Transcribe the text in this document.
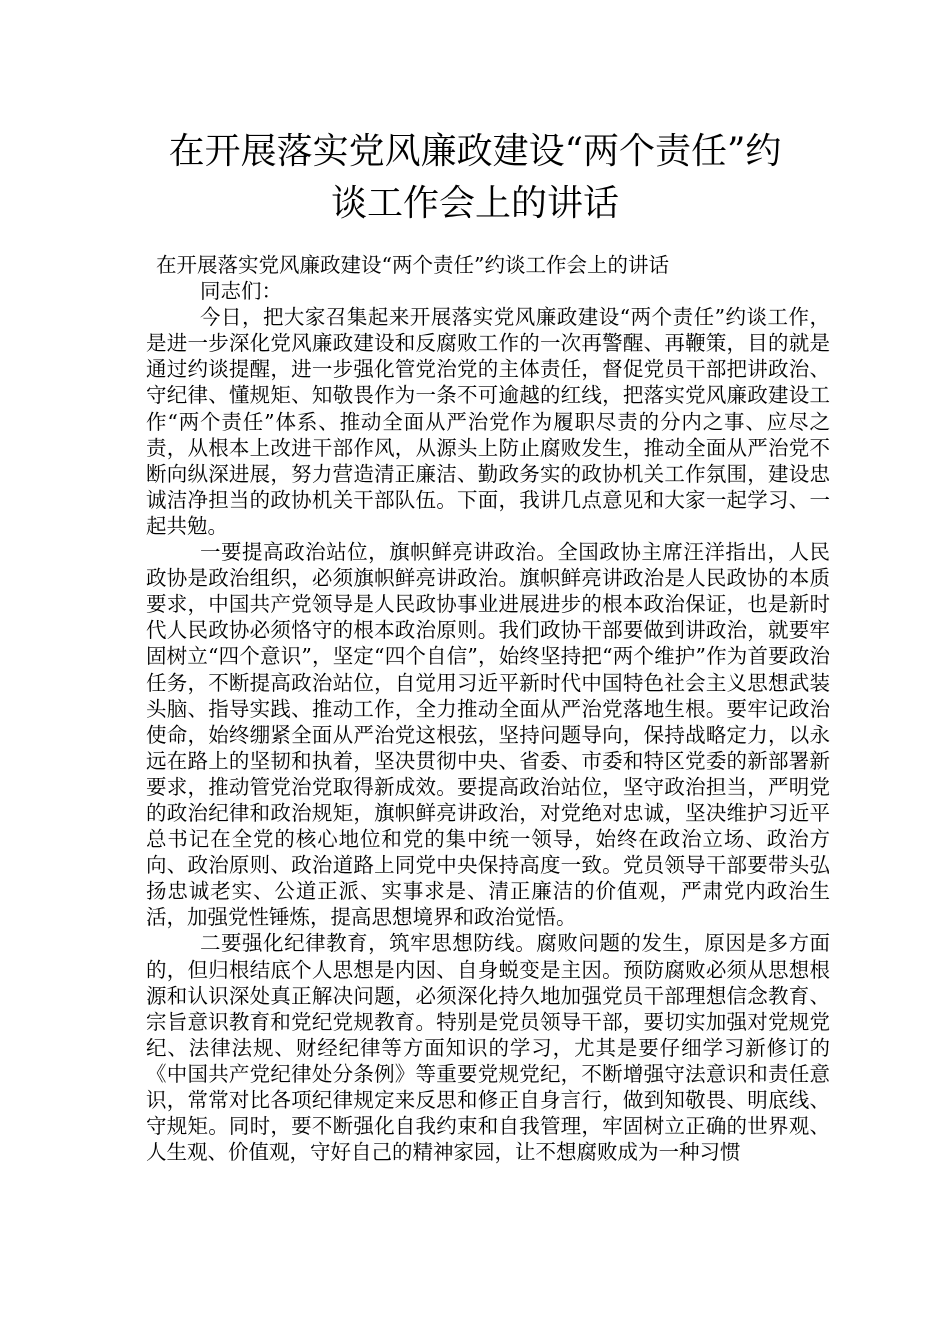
在开展落实党风廉政建设“两个责任”约
谈工作会上的讲话

在开展落实党风廉政建设“两个责任”约谈工作会上的讲话

同志们：

今日，把大家召集起来开展落实党风廉政建设“两个责任”约谈工作，是进一步深化党风廉政建设和反腐败工作的一次再警醒、再鞭策，目的就是通过约谈提醒，进一步强化管党治党的主体责任，督促党员干部把讲政治、守纪律、懂规矩、知敬畏作为一条不可逾越的红线，把落实党风廉政建设工作“两个责任”体系、推动全面从严治党作为履职尽责的分内之事、应尽之责，从根本上改进干部作风，从源头上防止腐败发生，推动全面从严治党不断向纵深进展，努力营造清正廉洁、勤政务实的政协机关工作氛围，建设忠诚洁净担当的政协机关干部队伍。下面，我讲几点意见和大家一起学习、一起共勉。

一要提高政治站位，旗帜鲜亮讲政治。全国政协主席汪洋指出，人民政协是政治组织，必须旗帜鲜亮讲政治。旗帜鲜亮讲政治是人民政协的本质要求，中国共产党领导是人民政协事业进展进步的根本政治保证，也是新时代人民政协必须恪守的根本政治原则。我们政协干部要做到讲政治，就要牢固树立“四个意识”，坚定“四个自信”，始终坚持把“两个维护”作为首要政治任务，不断提高政治站位，自觉用习近平新时代中国特色社会主义思想武装头脑、指导实践、推动工作，全力推动全面从严治党落地生根。要牢记政治使命，始终绷紧全面从严治党这根弦，坚持问题导向，保持战略定力，以永远在路上的坚韧和执着，坚决贯彻中央、省委、市委和特区党委的新部署新要求，推动管党治党取得新成效。要提高政治站位，坚守政治担当，严明党的政治纪律和政治规矩，旗帜鲜亮讲政治，对党绝对忠诚，坚决维护习近平总书记在全党的核心地位和党的集中统一领导，始终在政治立场、政治方向、政治原则、政治道路上同党中央保持高度一致。党员领导干部要带头弘扬忠诚老实、公道正派、实事求是、清正廉洁的价值观，严肃党内政治生活，加强党性锤炼，提高思想境界和政治觉悟。

二要强化纪律教育，筑牢思想防线。腐败问题的发生，原因是多方面的，但归根结底个人思想是内因、自身蜕变是主因。预防腐败必须从思想根源和认识深处真正解决问题，必须深化持久地加强党员干部理想信念教育、宗旨意识教育和党纪党规教育。特别是党员领导干部，要切实加强对党规党纪、法律法规、财经纪律等方面知识的学习，尤其是要仔细学习新修订的《中国共产党纪律处分条例》等重要党规党纪，不断增强守法意识和责任意识，常常对比各项纪律规定来反思和修正自身言行，做到知敬畏、明底线、守规矩。同时，要不断强化自我约束和自我管理，牢固树立正确的世界观、人生观、价值观，守好自己的精神家园，让不想腐败成为一种习惯
